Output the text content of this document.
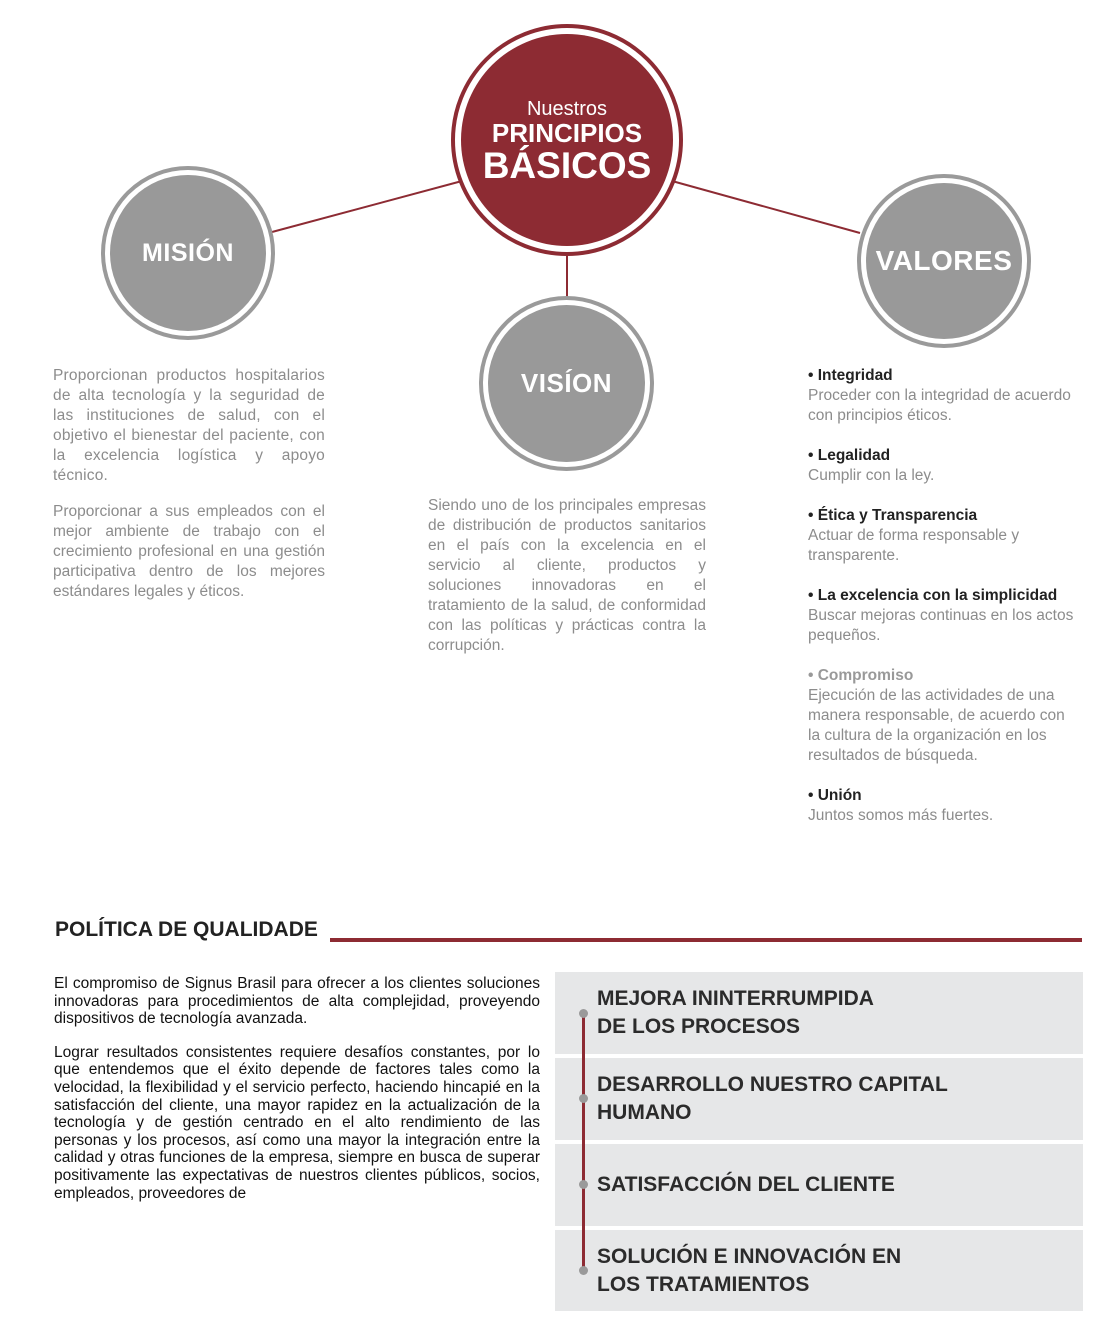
Nuestros
PRINCIPIOS
BÁSICOS
MISIÓN	VALORES
VISÍON

Proporcionan productos hospitalarios de alta tecnología y la seguridad de las instituciones de salud, con el objetivo el bienestar del paciente, con la excelencia logística y apoyo técnico.

Proporcionar a sus empleados con el mejor ambiente de trabajo con el crecimiento profesional en una gestión participativa dentro de los mejores estándares legales y éticos.

Siendo uno de los principales empresas de distribución de productos sanitarios en el país con la excelencia en el servicio al cliente, productos y soluciones innovadoras en el tratamiento de la salud, de conformidad con las políticas y prácticas contra la corrupción.

• Integridad
Proceder con la integridad de acuerdo con principios éticos.
• Legalidad
Cumplir con la ley.
• Ética y Transparencia
Actuar de forma responsable y transparente.
• La excelencia con la simplicidad
Buscar mejoras continuas en los actos pequeños.
• Compromiso
Ejecución de las actividades de una manera responsable, de acuerdo con la cultura de la organización en los resultados de búsqueda.
• Unión
Juntos somos más fuertes.
POLÍTICA DE QUALIDADE

El compromiso de Signus Brasil para ofrecer a los clientes soluciones innovadoras para procedimientos de alta complejidad, proveyendo dispositivos de tecnología avanzada.

Lograr resultados consistentes requiere desafíos constantes, por lo que entendemos que el éxito depende de factores tales como la velocidad, la flexibilidad y el servicio perfecto, haciendo hincapié en la satisfacción del cliente, una mayor rapidez en la actualización de la tecnología y de gestión centrado en el alto rendimiento de las personas y los procesos, así como una mayor la integración entre la calidad y otras funciones de la empresa, siempre en busca de superar positivamente las expectativas de nuestros clientes públicos, socios, empleados, proveedores de

MEJORA ININTERRUMPIDA
DE LOS PROCESOS
DESARROLLO NUESTRO CAPITAL
HUMANO
SATISFACCIÓN DEL CLIENTE
SOLUCIÓN E INNOVACIÓN EN
LOS TRATAMIENTOS
